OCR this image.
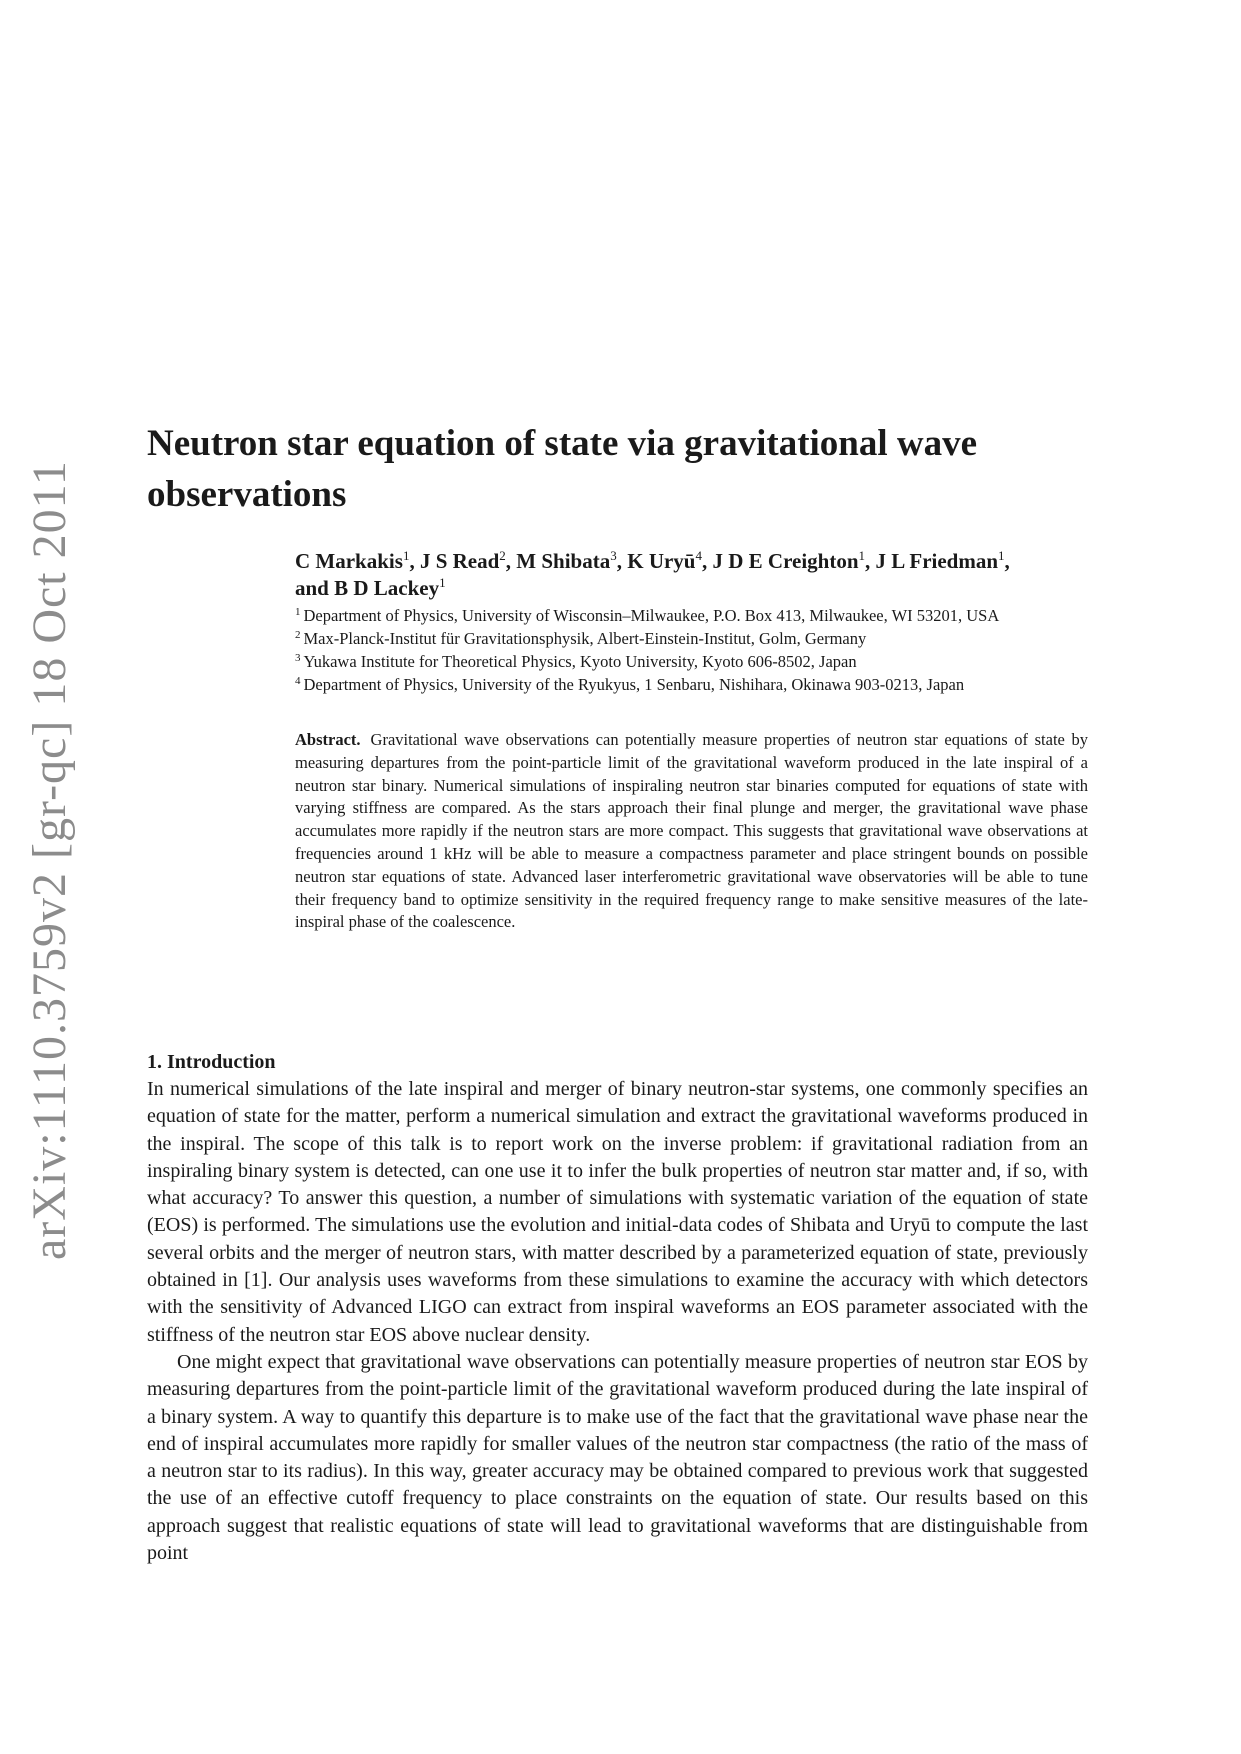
arXiv:1110.3759v2 [gr-qc] 18 Oct 2011
Neutron star equation of state via gravitational wave observations
C Markakis$^1$, J S Read$^2$, M Shibata$^3$, K Uryū$^4$, J D E Creighton$^1$, J L Friedman$^1$,
and B D Lackey$^1$
$^1$ Department of Physics, University of Wisconsin–Milwaukee, P.O. Box 413, Milwaukee, WI 53201, USA
$^2$ Max-Planck-Institut für Gravitationsphysik, Albert-Einstein-Institut, Golm, Germany
$^3$ Yukawa Institute for Theoretical Physics, Kyoto University, Kyoto 606-8502, Japan
$^4$ Department of Physics, University of the Ryukyus, 1 Senbaru, Nishihara, Okinawa 903-0213, Japan

Abstract. Gravitational wave observations can potentially measure properties of neutron star equations of state by measuring departures from the point-particle limit of the gravitational waveform produced in the late inspiral of a neutron star binary. Numerical simulations of inspiraling neutron star binaries computed for equations of state with varying stiffness are compared. As the stars approach their final plunge and merger, the gravitational wave phase accumulates more rapidly if the neutron stars are more compact. This suggests that gravitational wave observations at frequencies around 1 kHz will be able to measure a compactness parameter and place stringent bounds on possible neutron star equations of state. Advanced laser interferometric gravitational wave observatories will be able to tune their frequency band to optimize sensitivity in the required frequency range to make sensitive measures of the late-inspiral phase of the coalescence.

1. Introduction

In numerical simulations of the late inspiral and merger of binary neutron-star systems, one commonly specifies an equation of state for the matter, perform a numerical simulation and extract the gravitational waveforms produced in the inspiral. The scope of this talk is to report work on the inverse problem: if gravitational radiation from an inspiraling binary system is detected, can one use it to infer the bulk properties of neutron star matter and, if so, with what accuracy? To answer this question, a number of simulations with systematic variation of the equation of state (EOS) is performed. The simulations use the evolution and initial-data codes of Shibata and Uryū to compute the last several orbits and the merger of neutron stars, with matter described by a parameterized equation of state, previously obtained in [1]. Our analysis uses waveforms from these simulations to examine the accuracy with which detectors with the sensitivity of Advanced LIGO can extract from inspiral waveforms an EOS parameter associated with the stiffness of the neutron star EOS above nuclear density.

One might expect that gravitational wave observations can potentially measure properties of neutron star EOS by measuring departures from the point-particle limit of the gravitational waveform produced during the late inspiral of a binary system. A way to quantify this departure is to make use of the fact that the gravitational wave phase near the end of inspiral accumulates more rapidly for smaller values of the neutron star compactness (the ratio of the mass of a neutron star to its radius). In this way, greater accuracy may be obtained compared to previous work that suggested the use of an effective cutoff frequency to place constraints on the equation of state. Our results based on this approach suggest that realistic equations of state will lead to gravitational waveforms that are distinguishable from point
